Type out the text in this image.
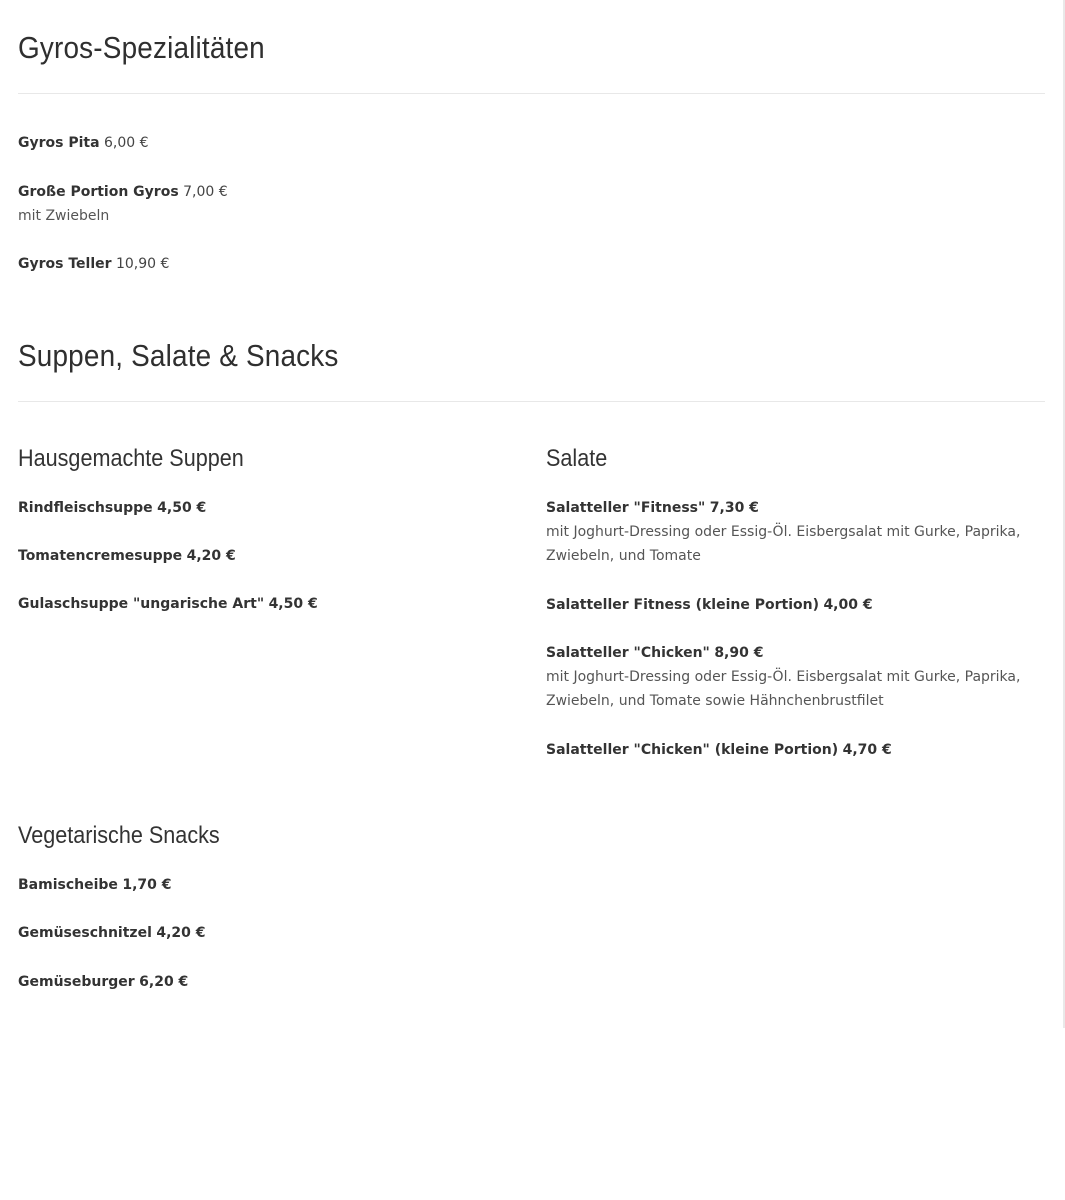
Gyros-Spezialitäten
Gyros Pita 6,00 €
Große Portion Gyros 7,00 €
mit Zwiebeln
Gyros Teller 10,90 €
Suppen, Salate & Snacks
Hausgemachte Suppen
Rindfleischsuppe 4,50 €
Tomatencremesuppe 4,20 €
Gulaschsuppe "ungarische Art" 4,50 €
Salate
Salatteller "Fitness" 7,30 €
mit Joghurt-Dressing oder Essig-Öl. Eisbergsalat mit Gurke, Paprika,
Zwiebeln, und Tomate
Salatteller Fitness (kleine Portion) 4,00 €
Salatteller "Chicken" 8,90 €
mit Joghurt-Dressing oder Essig-Öl. Eisbergsalat mit Gurke, Paprika,
Zwiebeln, und Tomate sowie Hähnchenbrustfilet
Salatteller "Chicken" (kleine Portion) 4,70 €
Vegetarische Snacks
Bamischeibe 1,70 €
Gemüseschnitzel 4,20 €
Gemüseburger 6,20 €
